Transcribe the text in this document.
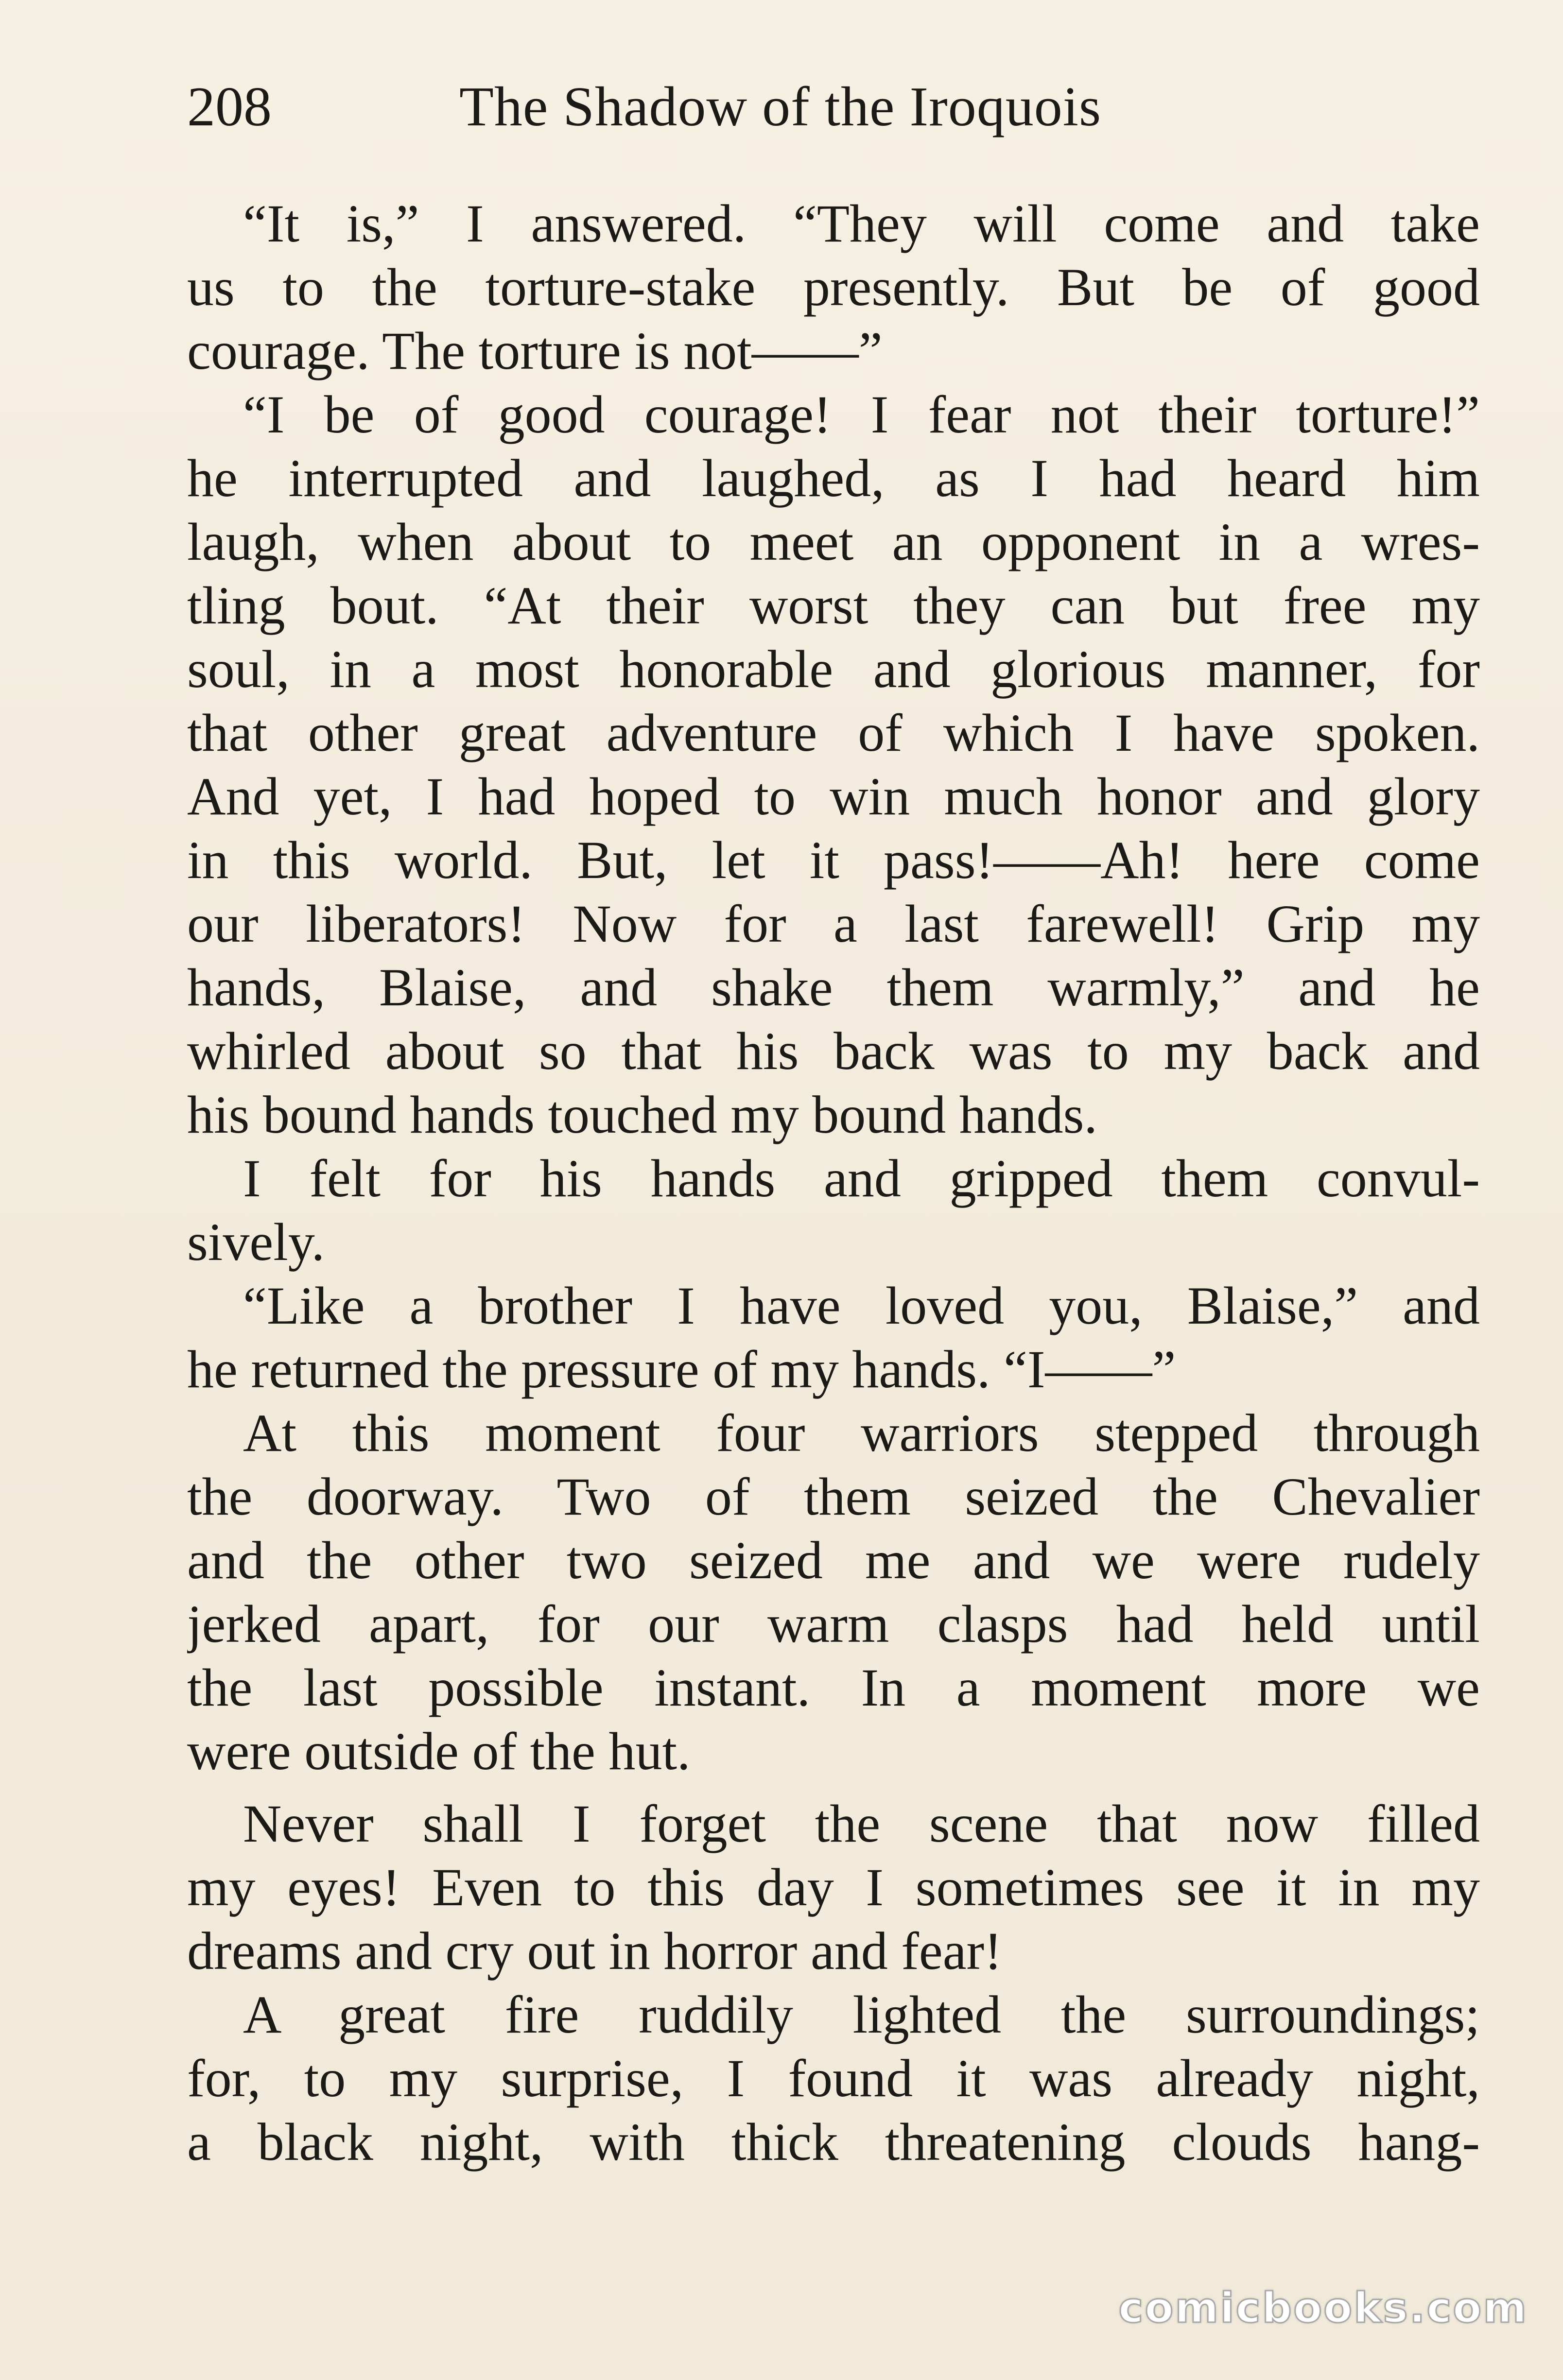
208	The Shadow of the Iroquois
“It is,” I answered. “They will come and take
us to the torture-stake presently. But be of good
courage. The torture is not——”
“I be of good courage! I fear not their torture!”
he interrupted and laughed, as I had heard him
laugh, when about to meet an opponent in a wres-
tling bout. “At their worst they can but free my
soul, in a most honorable and glorious manner, for
that other great adventure of which I have spoken.
And yet, I had hoped to win much honor and glory
in this world. But, let it pass!——Ah! here come
our liberators! Now for a last farewell! Grip my
hands, Blaise, and shake them warmly,” and he
whirled about so that his back was to my back and
his bound hands touched my bound hands.
I felt for his hands and gripped them convul-
sively.
“Like a brother I have loved you, Blaise,” and
he returned the pressure of my hands. “I——”
At this moment four warriors stepped through
the doorway. Two of them seized the Chevalier
and the other two seized me and we were rudely
jerked apart, for our warm clasps had held until
the last possible instant. In a moment more we
were outside of the hut.
Never shall I forget the scene that now filled
my eyes! Even to this day I sometimes see it in my
dreams and cry out in horror and fear!
A great fire ruddily lighted the surroundings;
for, to my surprise, I found it was already night,
a black night, with thick threatening clouds hang-
comicbooks.com
